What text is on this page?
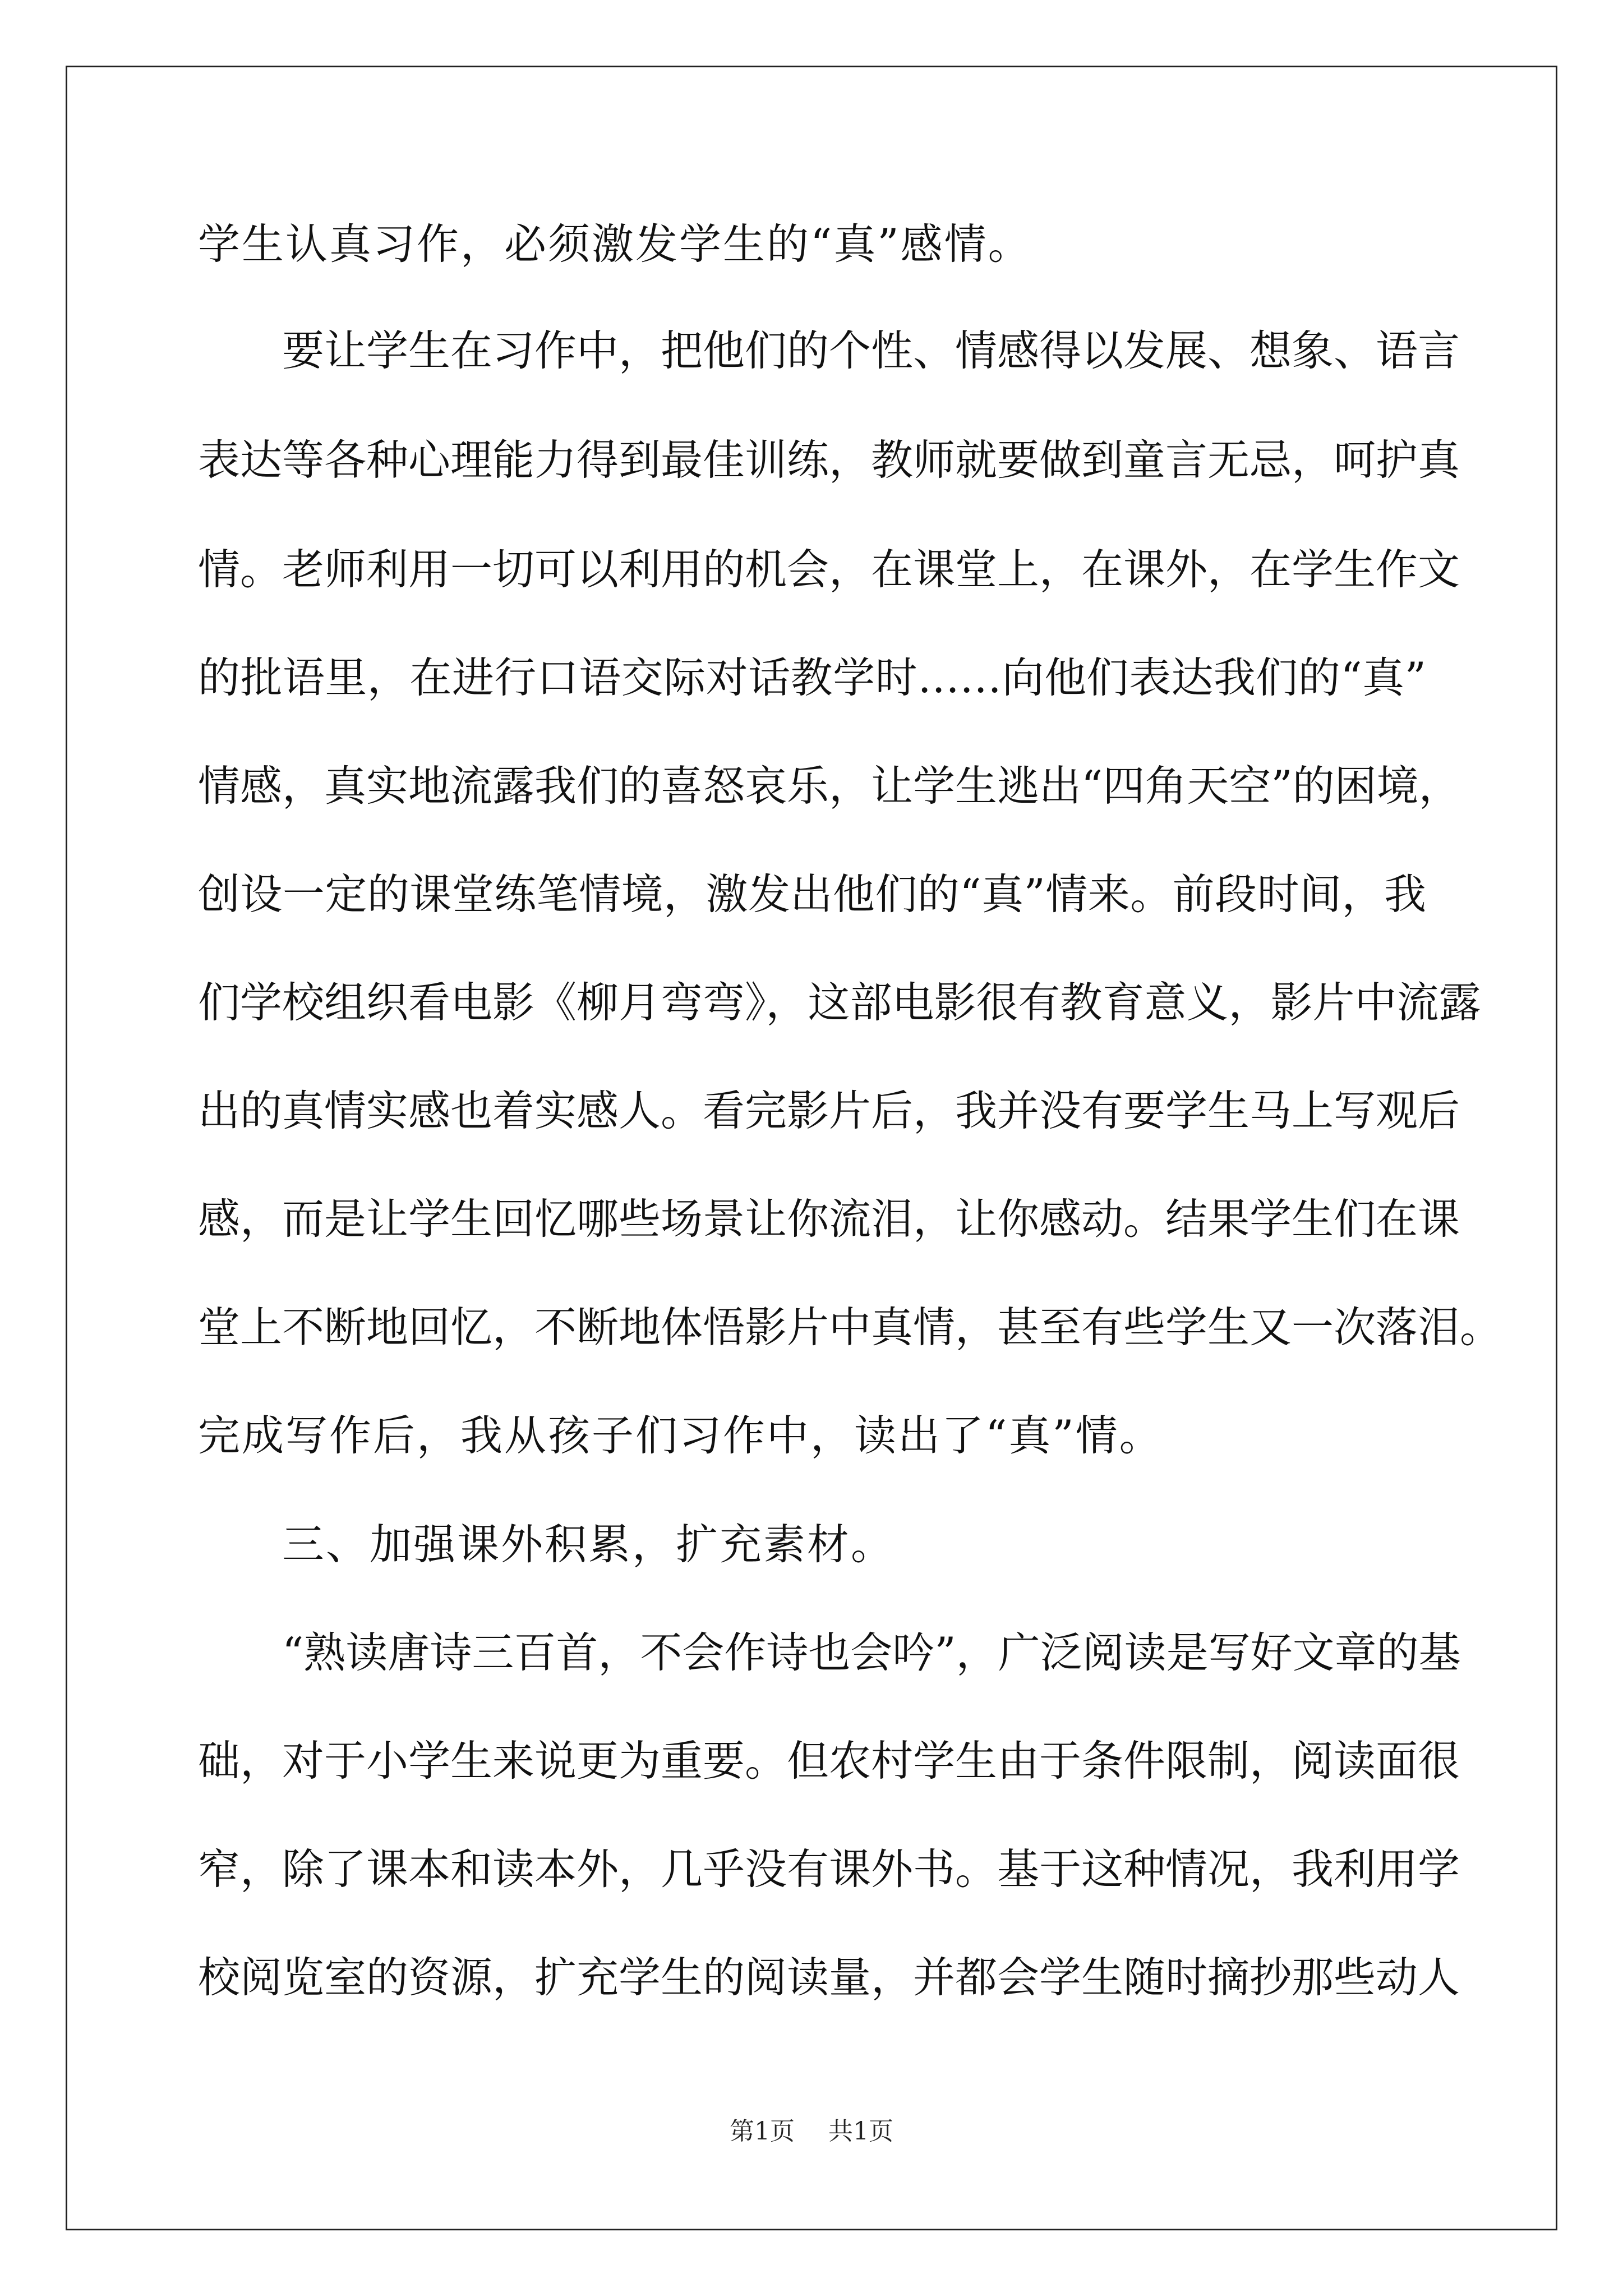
学生认真习作，必须激发学生的“真”感情。
要让学生在习作中，把他们的个性、情感得以发展、想象、语言
表达等各种心理能力得到最佳训练，教师就要做到童言无忌，呵护真
情。老师利用一切可以利用的机会，在课堂上，在课外，在学生作文
的批语里，在进行口语交际对话教学时……向他们表达我们的“真”
情感，真实地流露我们的喜怒哀乐，让学生逃出“四角天空”的困境，
创设一定的课堂练笔情境，激发出他们的“真”情来。前段时间，我
们学校组织看电影《柳月弯弯》，这部电影很有教育意义，影片中流露
出的真情实感也着实感人。看完影片后，我并没有要学生马上写观后
感，而是让学生回忆哪些场景让你流泪，让你感动。结果学生们在课
堂上不断地回忆，不断地体悟影片中真情，甚至有些学生又一次落泪。
完成写作后，我从孩子们习作中，读出了“真”情。
三、加强课外积累，扩充素材。
“熟读唐诗三百首，不会作诗也会吟”，广泛阅读是写好文章的基
础，对于小学生来说更为重要。但农村学生由于条件限制，阅读面很
窄，除了课本和读本外，几乎没有课外书。基于这种情况，我利用学
校阅览室的资源，扩充学生的阅读量，并都会学生随时摘抄那些动人
第1页 共1页
